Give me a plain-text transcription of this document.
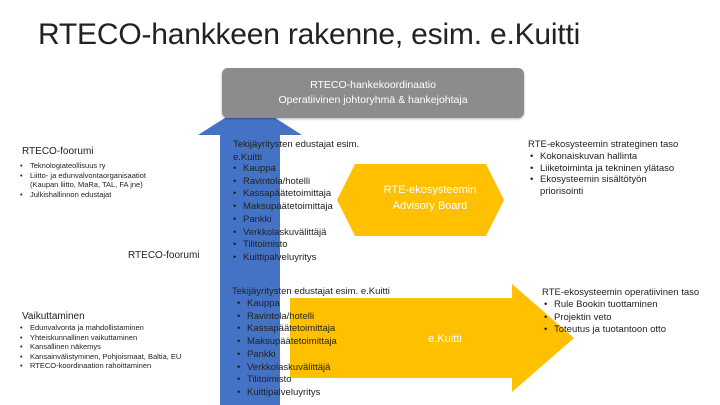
RTECO-hankkeen rakenne, esim. e.Kuitti
RTECO-hankekoordinaatio
Operatiivinen johtoryhmä & hankejohtaja
RTECO-foorumi
• Teknologiateollisuus ry
• Liitto- ja edunvalvontaorganisaatiot
(Kaupan liitto, MaRa, TAL, FA jne)
• Julkishallinnon edustajat
RTECO-foorumi
Vaikuttaminen
• Edunvalvonta ja mahdollistaminen
• Yhteiskunnallinen vaikuttaminen
• Kansallinen näkemys
• Kansainvälistyminen, Pohjoismaat, Baltia, EU
• RTECO-koordinaation rahoittaminen
Tekijäyritysten edustajat esim.
e.Kuitti
• Kauppa
• Ravintola/hotelli
• Kassapäätetoimittaja
• Maksupäätetoimittaja
• Pankki
• Verkkolaskuvälittäjä
• Tilitoimisto
• Kuittipalveluyritys
RTE-ekosysteemin
Advisory Board
RTE-ekosysteemin strateginen taso
• Kokonaiskuvan hallinta
• Liiketoiminta ja tekninen ylätaso
• Ekosysteemin sisältötyön
priorisointi
Tekijäyritysten edustajat esim. e.Kuitti
• Kauppa
• Ravintola/hotelli
• Kassapäätetoimittaja
• Maksupäätetoimittaja
• Pankki
• Verkkolaskuvälittäjä
• Tilitoimisto
• Kuittipalveluyritys
e.Kuitti
RTE-ekosysteemin operatiivinen taso
• Rule Bookin tuottaminen
• Projektin veto
• Toteutus ja tuotantoon otto
